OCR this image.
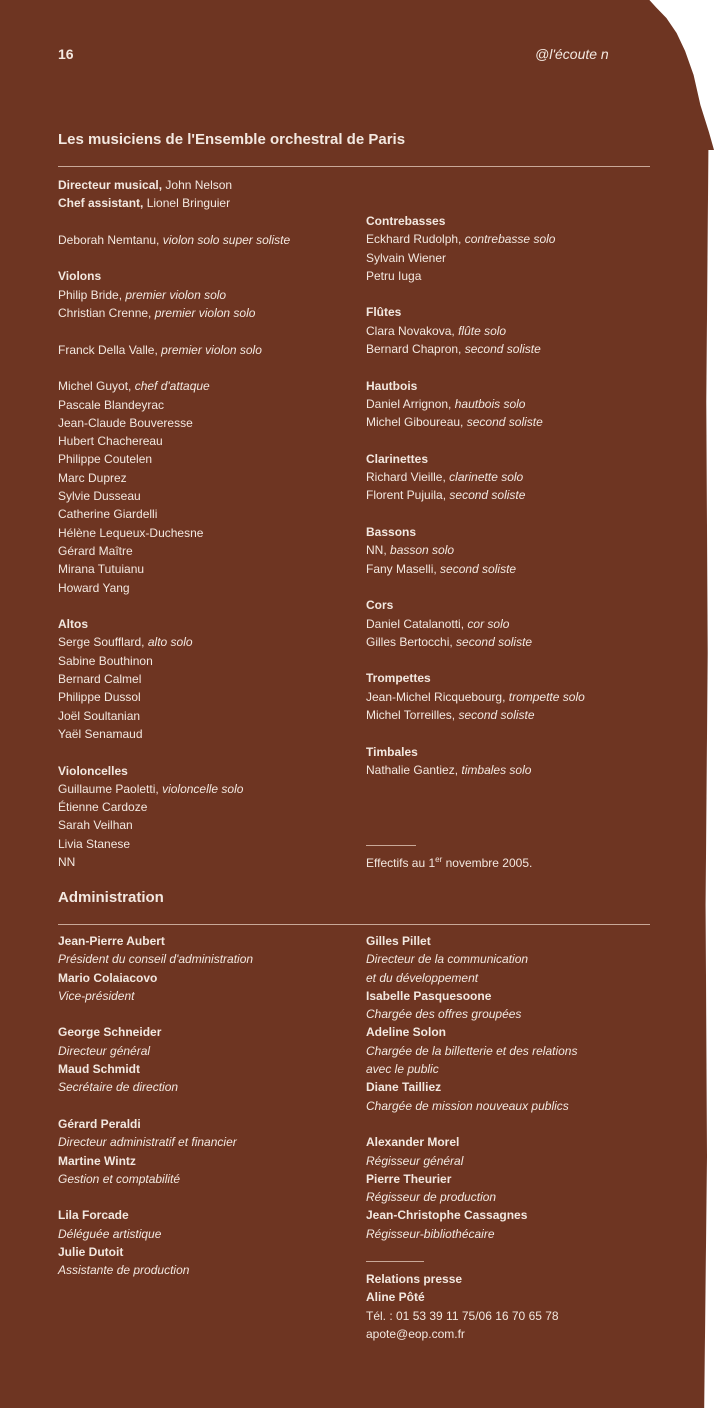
16	@l'écoute n
Les musiciens de l'Ensemble orchestral de Paris
Directeur musical, John Nelson
Chef assistant, Lionel Bringuier
Deborah Nemtanu, violon solo super soliste
Violons
Philip Bride, premier violon solo
Christian Crenne, premier violon solo
Franck Della Valle, premier violon solo
Michel Guyot, chef d'attaque
Pascale Blandeyrac
Jean-Claude Bouveresse
Hubert Chachereau
Philippe Coutelen
Marc Duprez
Sylvie Dusseau
Catherine Giardelli
Hélène Lequeux-Duchesne
Gérard Maître
Mirana Tutuianu
Howard Yang
Altos
Serge Soufflard, alto solo
Sabine Bouthinon
Bernard Calmel
Philippe Dussol
Joël Soultanian
Yaël Senamaud
Violoncelles
Guillaume Paoletti, violoncelle solo
Étienne Cardoze
Sarah Veilhan
Livia Stanese
NN
Contrebasses
Eckhard Rudolph, contrebasse solo
Sylvain Wiener
Petru Iuga
Flûtes
Clara Novakova, flûte solo
Bernard Chapron, second soliste
Hautbois
Daniel Arrignon, hautbois solo
Michel Giboureau, second soliste
Clarinettes
Richard Vieille, clarinette solo
Florent Pujuila, second soliste
Bassons
NN, basson solo
Fany Maselli, second soliste
Cors
Daniel Catalanotti, cor solo
Gilles Bertocchi, second soliste
Trompettes
Jean-Michel Ricquebourg, trompette solo
Michel Torreilles, second soliste
Timbales
Nathalie Gantiez, timbales solo
Effectifs au 1er novembre 2005.
Administration
Jean-Pierre Aubert
Président du conseil d'administration
Mario Colaiacovo
Vice-président
George Schneider
Directeur général
Maud Schmidt
Secrétaire de direction
Gérard Peraldi
Directeur administratif et financier
Martine Wintz
Gestion et comptabilité
Lila Forcade
Déléguée artistique
Julie Dutoit
Assistante de production
Gilles Pillet
Directeur de la communication
et du développement
Isabelle Pasquesoone
Chargée des offres groupées
Adeline Solon
Chargée de la billetterie et des relations
avec le public
Diane Tailliez
Chargée de mission nouveaux publics
Alexander Morel
Régisseur général
Pierre Theurier
Régisseur de production
Jean-Christophe Cassagnes
Régisseur-bibliothécaire
Relations presse
Aline Pôté
Tél. : 01 53 39 11 75/06 16 70 65 78
apote@eop.com.fr
